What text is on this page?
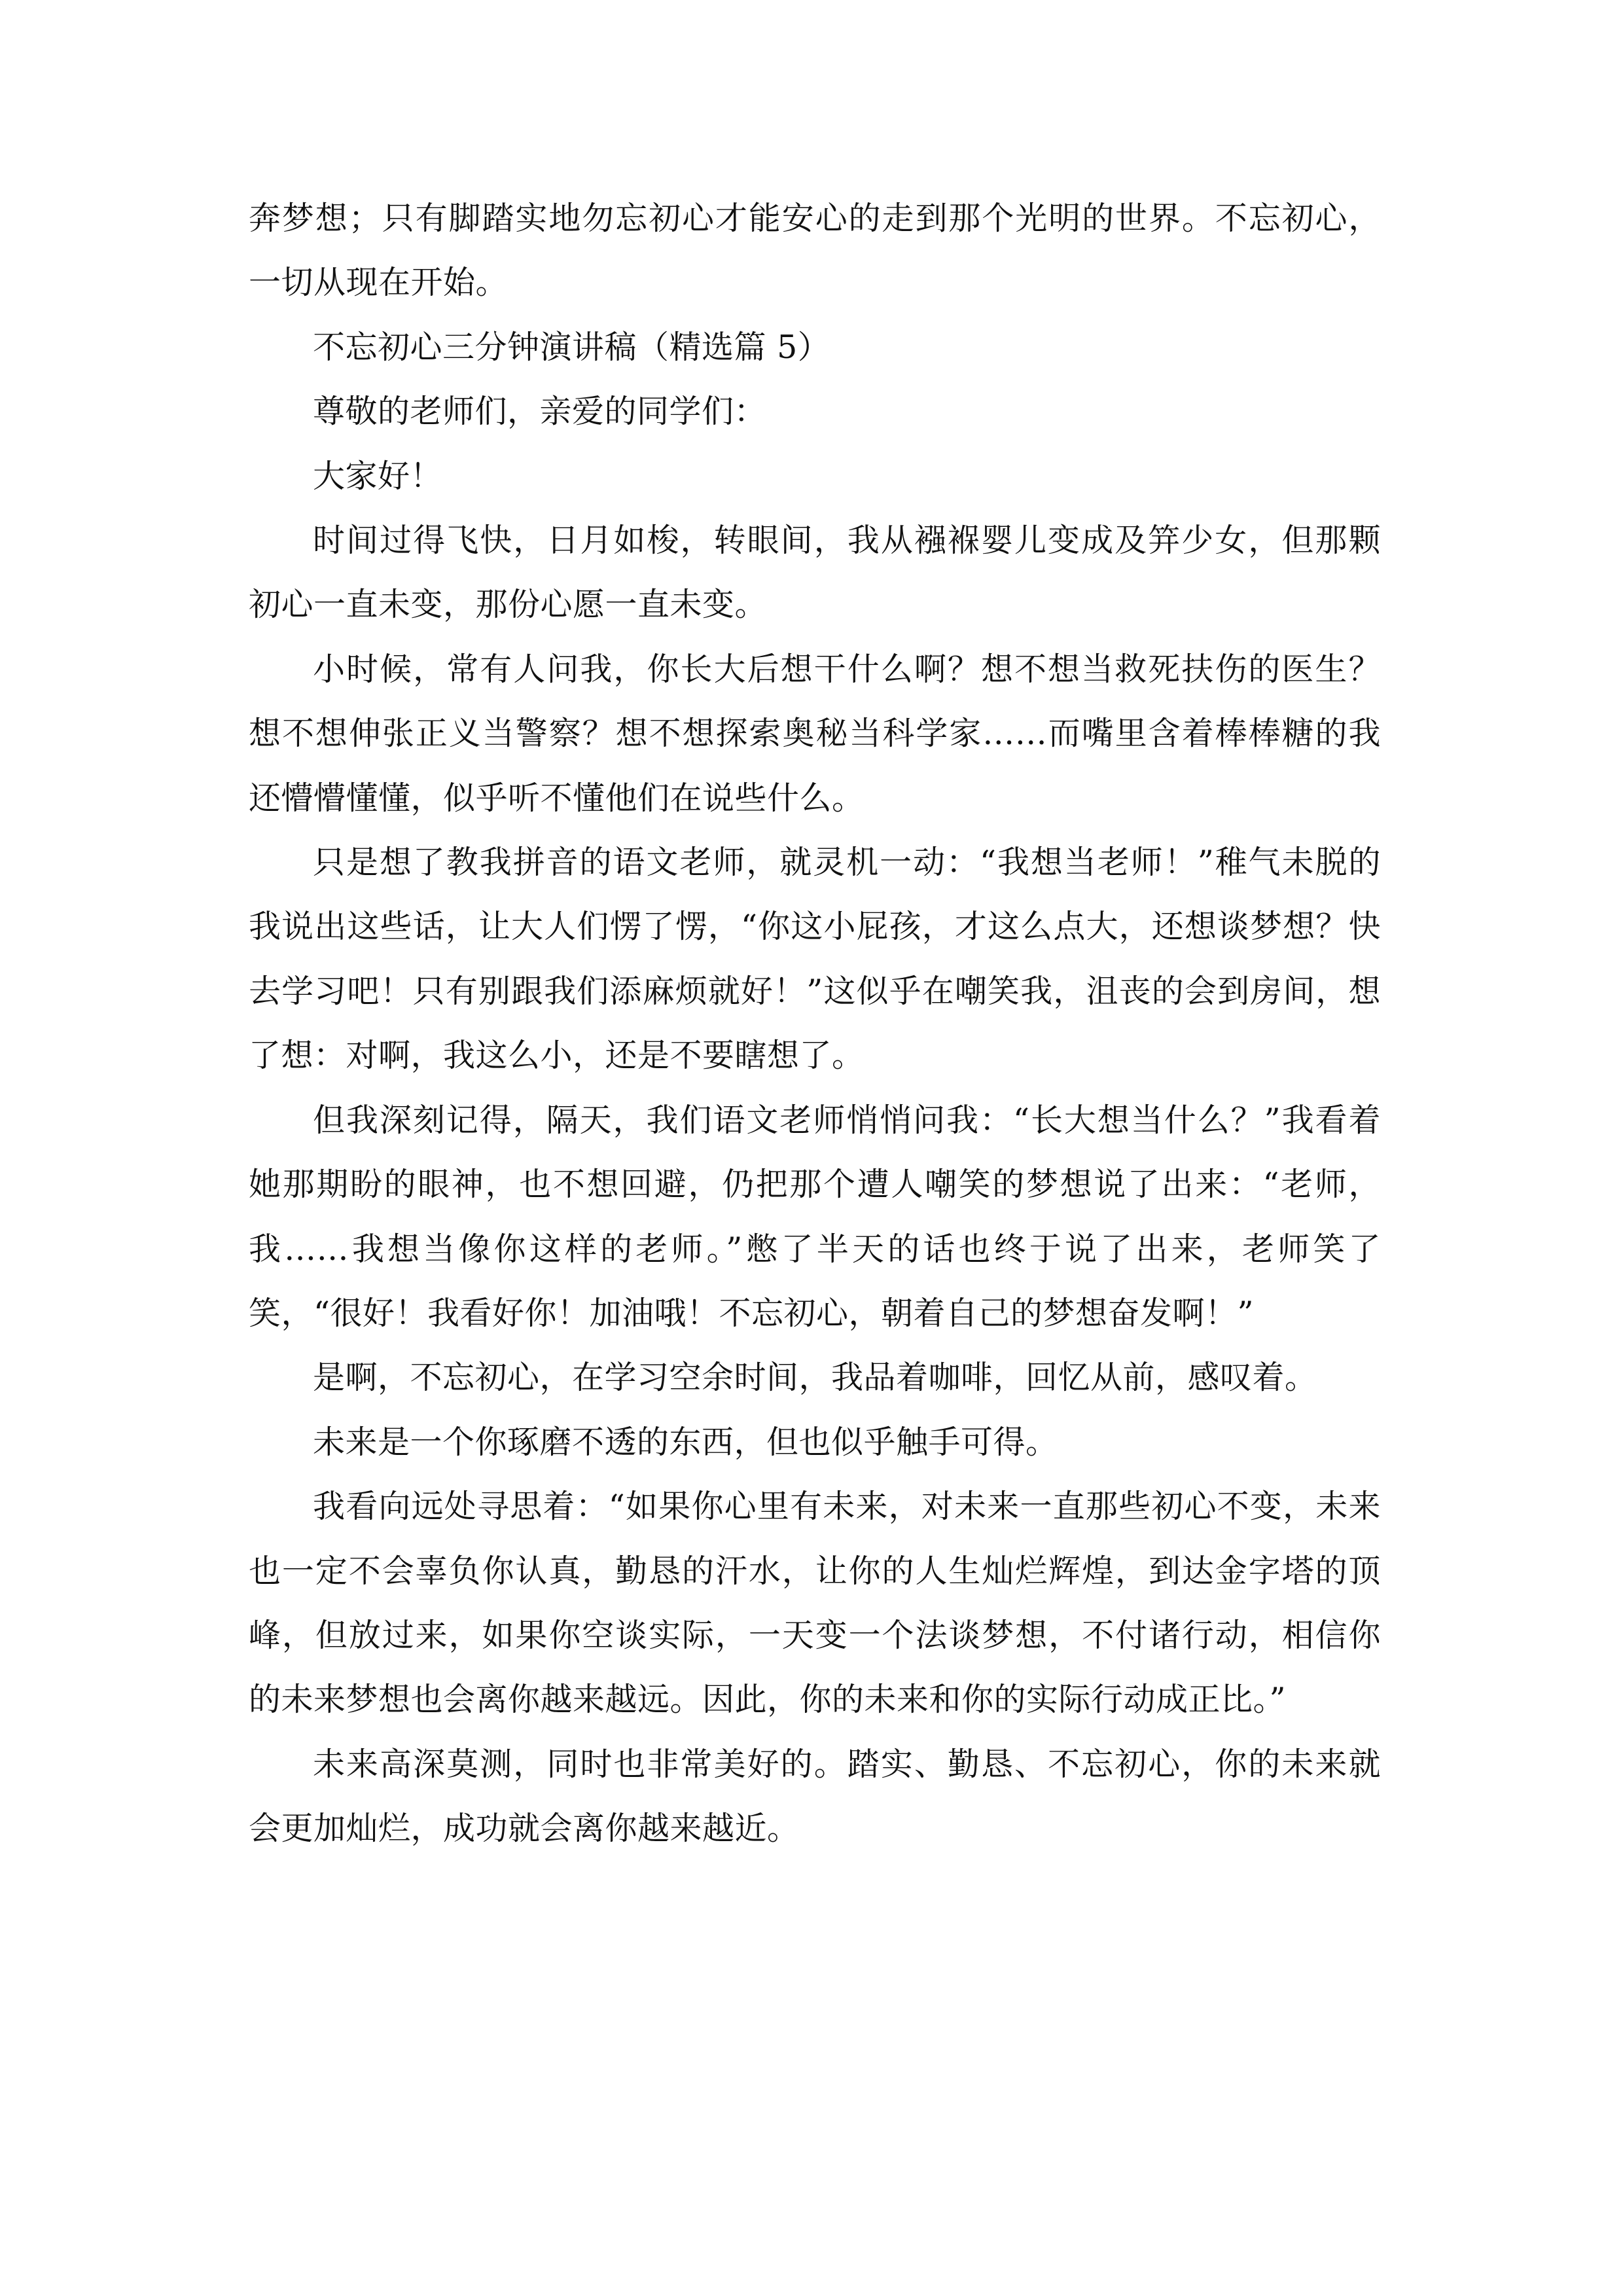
奔梦想；只有脚踏实地勿忘初心才能安心的走到那个光明的世界。不忘初心，一切从现在开始。

不忘初心三分钟演讲稿（精选篇 5）

尊敬的老师们，亲爱的同学们：

大家好！

时间过得飞快，日月如梭，转眼间，我从襁褓婴儿变成及笄少女，但那颗初心一直未变，那份心愿一直未变。

小时候，常有人问我，你长大后想干什么啊？想不想当救死扶伤的医生？想不想伸张正义当警察？想不想探索奥秘当科学家……而嘴里含着棒棒糖的我还懵懵懂懂，似乎听不懂他们在说些什么。

只是想了教我拼音的语文老师，就灵机一动：“我想当老师！”稚气未脱的我说出这些话，让大人们愣了愣，“你这小屁孩，才这么点大，还想谈梦想？快去学习吧！只有别跟我们添麻烦就好！”这似乎在嘲笑我，沮丧的会到房间，想了想：对啊，我这么小，还是不要瞎想了。

但我深刻记得，隔天，我们语文老师悄悄问我：“长大想当什么？”我看着她那期盼的眼神，也不想回避，仍把那个遭人嘲笑的梦想说了出来：“老师，我……我想当像你这样的老师。”憋了半天的话也终于说了出来，老师笑了笑，“很好！我看好你！加油哦！不忘初心，朝着自己的梦想奋发啊！”

是啊，不忘初心，在学习空余时间，我品着咖啡，回忆从前，感叹着。

未来是一个你琢磨不透的东西，但也似乎触手可得。

我看向远处寻思着：“如果你心里有未来，对未来一直那些初心不变，未来也一定不会辜负你认真，勤恳的汗水，让你的人生灿烂辉煌，到达金字塔的顶峰，但放过来，如果你空谈实际，一天变一个法谈梦想，不付诸行动，相信你的未来梦想也会离你越来越远。因此，你的未来和你的实际行动成正比。”

未来高深莫测，同时也非常美好的。踏实、勤恳、不忘初心，你的未来就会更加灿烂，成功就会离你越来越近。
